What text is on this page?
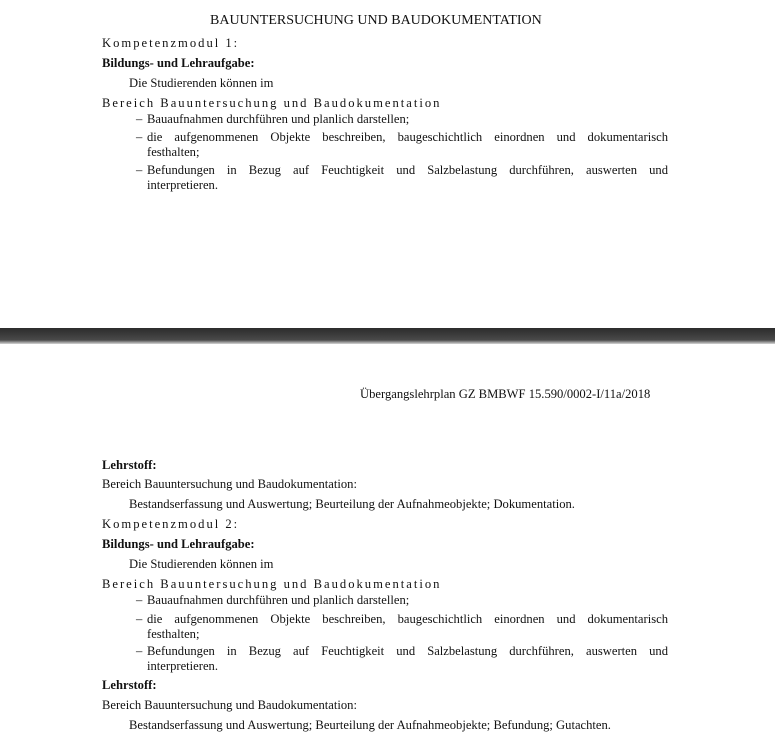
BAUUNTERSUCHUNG UND BAUDOKUMENTATION
Kompetenzmodul 1:
Bildungs- und Lehraufgabe:
Die Studierenden können im
Bereich Bauuntersuchung und Baudokumentation
– Bauaufnahmen durchführen und planlich darstellen;
– die aufgenommenen Objekte beschreiben, baugeschichtlich einordnen und dokumentarisch
festhalten;
– Befundungen in Bezug auf Feuchtigkeit und Salzbelastung durchführen, auswerten und
interpretieren.
Übergangslehrplan GZ BMBWF 15.590/0002-I/11a/2018
Lehrstoff:
Bereich Bauuntersuchung und Baudokumentation:
Bestandserfassung und Auswertung; Beurteilung der Aufnahmeobjekte; Dokumentation.
Kompetenzmodul 2:
Bildungs- und Lehraufgabe:
Die Studierenden können im
Bereich Bauuntersuchung und Baudokumentation
– Bauaufnahmen durchführen und planlich darstellen;
– die aufgenommenen Objekte beschreiben, baugeschichtlich einordnen und dokumentarisch
festhalten;
– Befundungen in Bezug auf Feuchtigkeit und Salzbelastung durchführen, auswerten und
interpretieren.
Lehrstoff:
Bereich Bauuntersuchung und Baudokumentation:
Bestandserfassung und Auswertung; Beurteilung der Aufnahmeobjekte; Befundung; Gutachten.
